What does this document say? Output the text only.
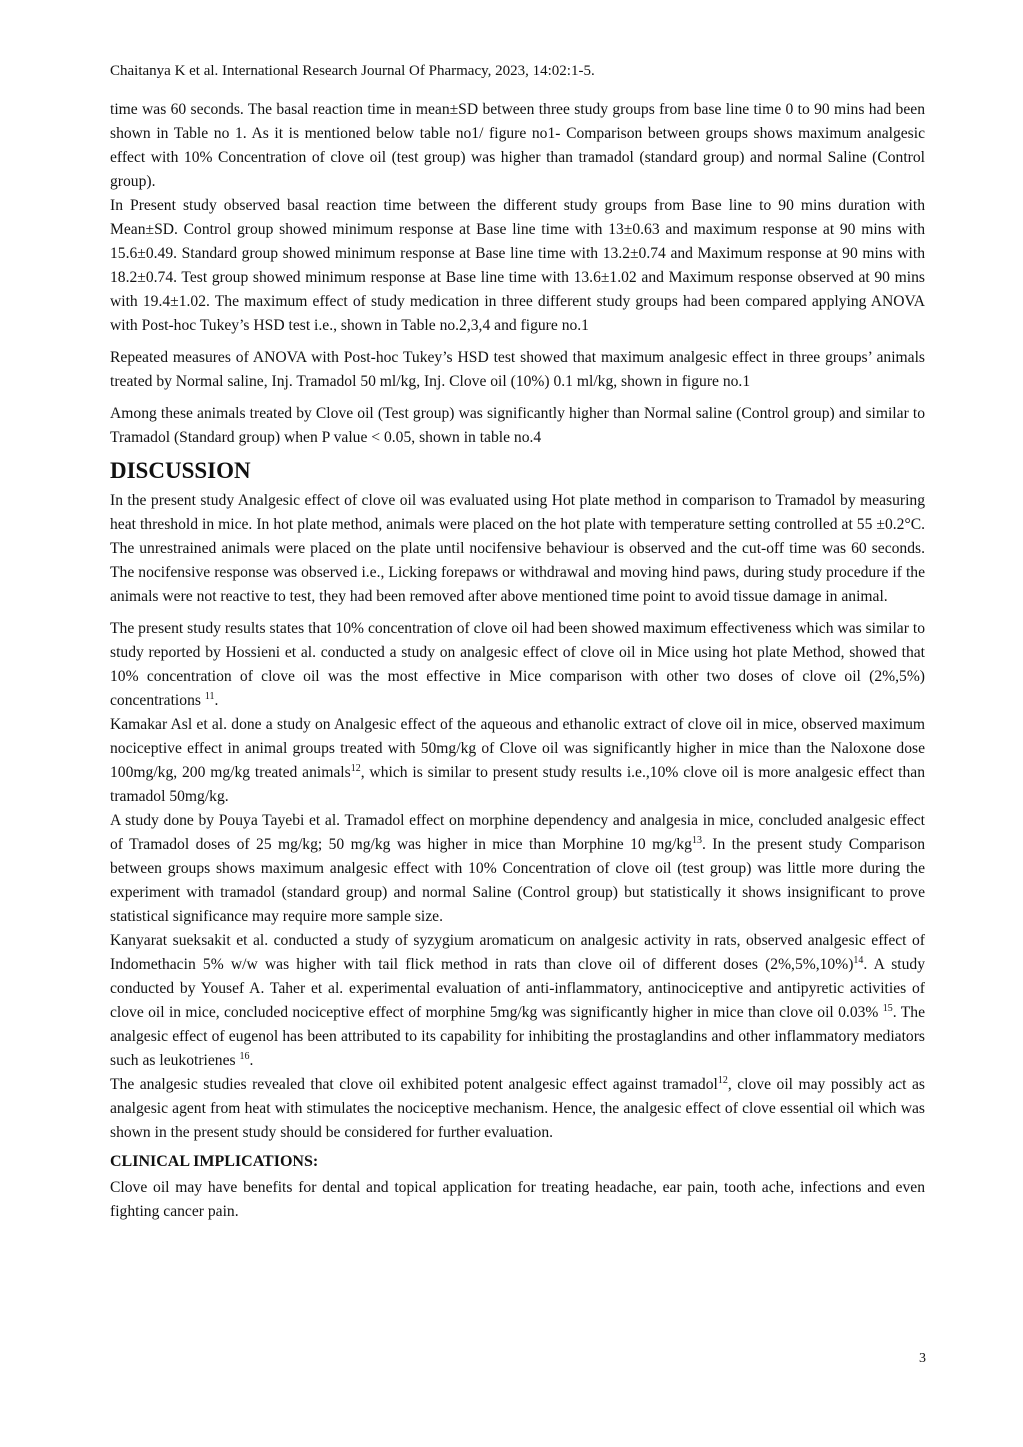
Chaitanya K et al. International Research Journal Of Pharmacy, 2023, 14:02:1-5.

time was 60 seconds. The basal reaction time in mean±SD between three study groups from base line time 0 to 90 mins had been shown in Table no 1. As it is mentioned below table no1/ figure no1- Comparison between groups shows maximum analgesic effect with 10% Concentration of clove oil (test group) was higher than tramadol (standard group) and normal Saline (Control group).

In Present study observed basal reaction time between the different study groups from Base line to 90 mins duration with Mean±SD. Control group showed minimum response at Base line time with 13±0.63 and maximum response at 90 mins with 15.6±0.49. Standard group showed minimum response at Base line time with 13.2±0.74 and Maximum response at 90 mins with 18.2±0.74. Test group showed minimum response at Base line time with 13.6±1.02 and Maximum response observed at 90 mins with 19.4±1.02. The maximum effect of study medication in three different study groups had been compared applying ANOVA with Post-hoc Tukey’s HSD test i.e., shown in Table no.2,3,4 and figure no.1

Repeated measures of ANOVA with Post-hoc Tukey’s HSD test showed that maximum analgesic effect in three groups’ animals treated by Normal saline, Inj. Tramadol 50 ml/kg, Inj. Clove oil (10%) 0.1 ml/kg, shown in figure no.1

Among these animals treated by Clove oil (Test group) was significantly higher than Normal saline (Control group) and similar to Tramadol (Standard group) when P value < 0.05, shown in table no.4

DISCUSSION

In the present study Analgesic effect of clove oil was evaluated using Hot plate method in comparison to Tramadol by measuring heat threshold in mice. In hot plate method, animals were placed on the hot plate with temperature setting controlled at 55 ±0.2°C. The unrestrained animals were placed on the plate until nocifensive behaviour is observed and the cut-off time was 60 seconds. The nocifensive response was observed i.e., Licking forepaws or withdrawal and moving hind paws, during study procedure if the animals were not reactive to test, they had been removed after above mentioned time point to avoid tissue damage in animal.

The present study results states that 10% concentration of clove oil had been showed maximum effectiveness which was similar to study reported by Hossieni et al. conducted a study on analgesic effect of clove oil in Mice using hot plate Method, showed that 10% concentration of clove oil was the most effective in Mice comparison with other two doses of clove oil (2%,5%) concentrations $^{11}$.

Kamakar Asl et al. done a study on Analgesic effect of the aqueous and ethanolic extract of clove oil in mice, observed maximum nociceptive effect in animal groups treated with 50mg/kg of Clove oil was significantly higher in mice than the Naloxone dose 100mg/kg, 200 mg/kg treated animals$^{12}$, which is similar to present study results i.e.,10% clove oil is more analgesic effect than tramadol 50mg/kg.

A study done by Pouya Tayebi et al. Tramadol effect on morphine dependency and analgesia in mice, concluded analgesic effect of Tramadol doses of 25 mg/kg; 50 mg/kg was higher in mice than Morphine 10 $mg/kg^{13}$. In the present study Comparison between groups shows maximum analgesic effect with 10% Concentration of clove oil (test group) was little more during the experiment with tramadol (standard group) and normal Saline (Control group) but statistically it shows insignificant to prove statistical significance may require more sample size.

Kanyarat sueksakit et al. conducted a study of syzygium aromaticum on analgesic activity in rats, observed analgesic effect of Indomethacin 5% w/w was higher with tail flick method in rats than clove oil of different doses $(2\%,5\%,10\%)^{14}$. A study conducted by Yousef A. Taher et al. experimental evaluation of anti-inflammatory, antinociceptive and antipyretic activities of clove oil in mice, concluded nociceptive effect of morphine 5mg/kg was significantly higher in mice than clove oil 0.03% $^{15}$. The analgesic effect of eugenol has been attributed to its capability for inhibiting the prostaglandins and other inflammatory mediators such as leukotrienes $^{16}$.

The analgesic studies revealed that clove oil exhibited potent analgesic effect against tramadol$^{12}$, clove oil may possibly act as analgesic agent from heat with stimulates the nociceptive mechanism. Hence, the analgesic effect of clove essential oil which was shown in the present study should be considered for further evaluation.

CLINICAL IMPLICATIONS:

Clove oil may have benefits for dental and topical application for treating headache, ear pain, tooth ache, infections and even fighting cancer pain.

3
